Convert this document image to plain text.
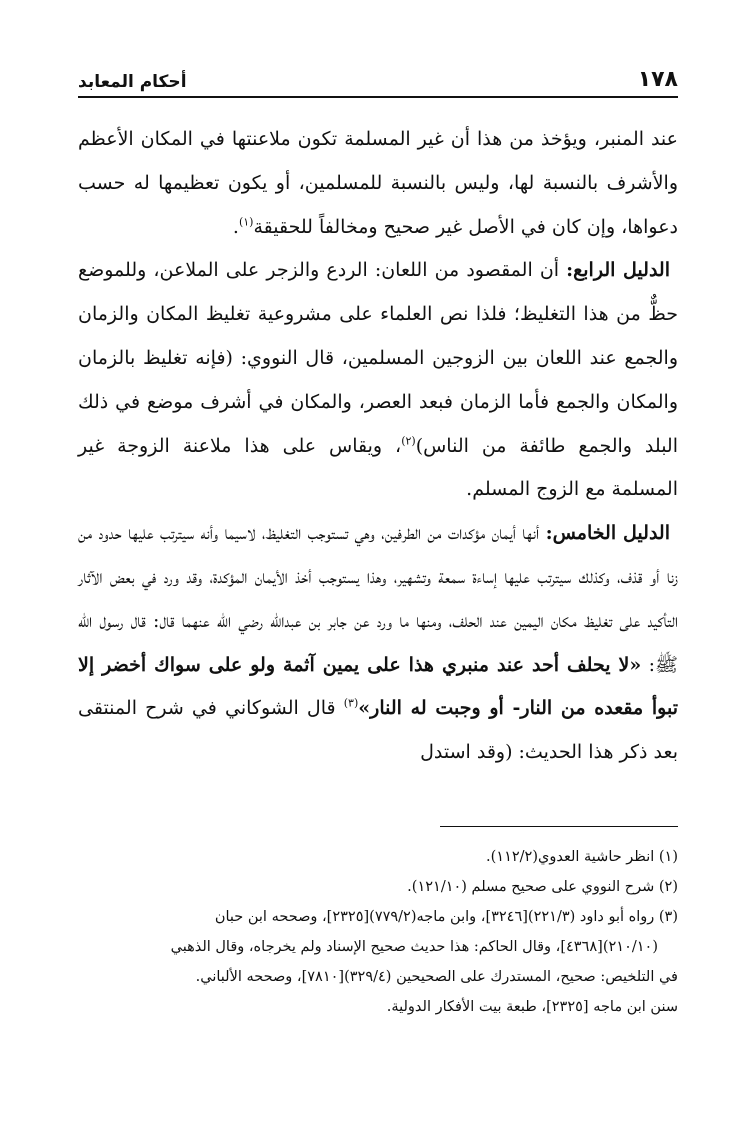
١٧٨
أحكام المعابد

عند المنبر، ويؤخذ من هذا أن غير المسلمة تكون ملاعنتها في المكان الأعظم والأشرف بالنسبة لها، وليس بالنسبة للمسلمين، أو يكون تعظيمها له حسب دعواها، وإن كان في الأصل غير صحيح ومخالفاً للحقيقة$^{(١)}$.

الدليل الرابع: أن المقصود من اللعان: الردع والزجر على الملاعن، وللموضع حظٌّ من هذا التغليظ؛ فلذا نص العلماء على مشروعية تغليظ المكان والزمان والجمع عند اللعان بين الزوجين المسلمين، قال النووي: (فإنه تغليظ بالزمان والمكان والجمع فأما الزمان فبعد العصر، والمكان في أشرف موضع في ذلك البلد والجمع طائفة من الناس)$^{(٢)}$، ويقاس على هذا ملاعنة الزوجة غير المسلمة مع الزوج المسلم.

الدليل الخامس: أنها أيمان مؤكدات من الطرفين، وهي تستوجب التغليظ، لاسيما وأنه سيترتب عليها حدود من زنا أو قذف، وكذلك سيترتب عليها إساءة سمعة وتشهير، وهذا يستوجب أخذ الأيمان المؤكدة، وقد ورد في بعض الآثار التأكيد على تغليظ مكان اليمين عند الحلف، ومنها ما ورد عن جابر بن عبدالله رضي الله عنهما قال: قال رسول الله ﷺ: «لا يحلف أحد عند منبري هذا على يمين آثمة ولو على سواك أخضر إلا تبوأ مقعده من النار- أو وجبت له النار»$^{(٣)}$ قال الشوكاني في شرح المنتقى بعد ذكر هذا الحديث: (وقد استدل

(١) انظر حاشية العدوي(١١٢/٢).

(٢) شرح النووي على صحيح مسلم (١٢١/١٠).

(٣) رواه أبو داود (٢٢١/٣)[٣٢٤٦]، وابن ماجه(٧٧٩/٢)[٢٣٢٥]، وصححه ابن حبان

(٢١٠/١٠)[٤٣٦٨]، وقال الحاكم: هذا حديث صحيح الإسناد ولم يخرجاه، وقال الذهبي

في التلخيص: صحيح، المستدرك على الصحيحين (٣٢٩/٤)[٧٨١٠]، وصححه الألباني.

سنن ابن ماجه [٢٣٢٥]، طبعة بيت الأفكار الدولية.
